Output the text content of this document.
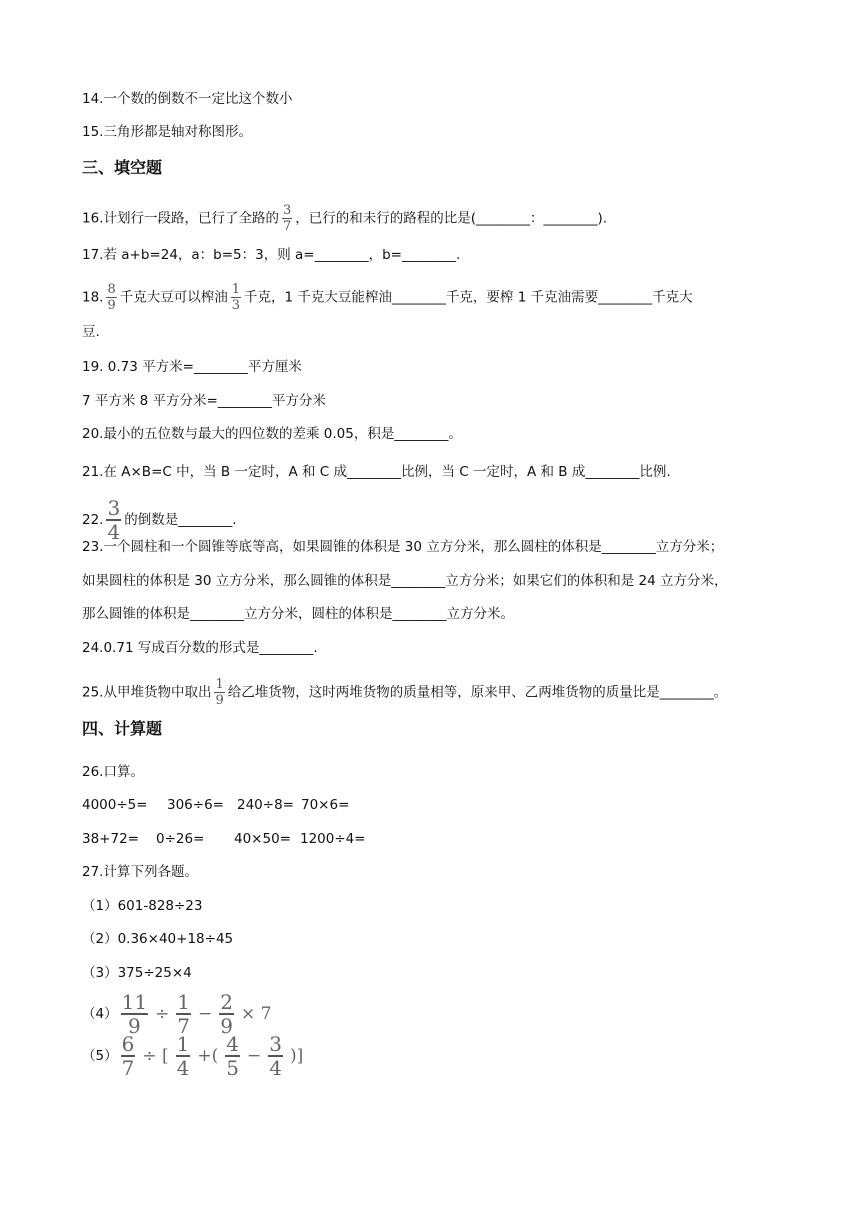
14.一个数的倒数不一定比这个数小
15.三角形都是轴对称图形。
三、填空题
16.计划行一段路，已行了全路的 $\frac{3}{7}$ ，已行的和未行的路程的比是(________：________).
17.若 a+b=24，a：b=5：3，则 a=________，b=________.
18. $\frac{8}{9}$ 千克大豆可以榨油 $\frac{1}{3}$ 千克，1 千克大豆能榨油________千克，要榨 1 千克油需要________千克大
豆.
19. 0.73 平方米=________平方厘米
7 平方米 8 平方分米=________平方分米
20.最小的五位数与最大的四位数的差乘 0.05，积是________。
21.在 A×B=C 中，当 B 一定时，A 和 C 成________比例，当 C 一定时，A 和 B 成________比例.
22. $\frac{3}{4}$ 的倒数是________.
23.一个圆柱和一个圆锥等底等高，如果圆锥的体积是 30 立方分米，那么圆柱的体积是________立方分米；
如果圆柱的体积是 30 立方分米，那么圆锥的体积是________立方分米；如果它们的体积和是 24 立方分米，
那么圆锥的体积是________立方分米，圆柱的体积是________立方分米。
24.0.71 写成百分数的形式是________.
25.从甲堆货物中取出 $\frac{1}{9}$ 给乙堆货物，这时两堆货物的质量相等，原来甲、乙两堆货物的质量比是________。
四、计算题
26.口算。
4000÷5= 306÷6= 240÷8= 70×6=
38+72= 0÷26= 40×50= 1200÷4=
27.计算下列各题。
（1）601-828÷23
（2）0.36×40+18÷45
（3）375÷25×4
$(4) \frac{11}{9} \div \frac{1}{7} - \frac{2}{9} \times 7$
$(5) \frac{6}{7}$ ÷ [ $\frac{1}{4}$ +( $\frac{4}{5} - \frac{3}{4}$ )]
